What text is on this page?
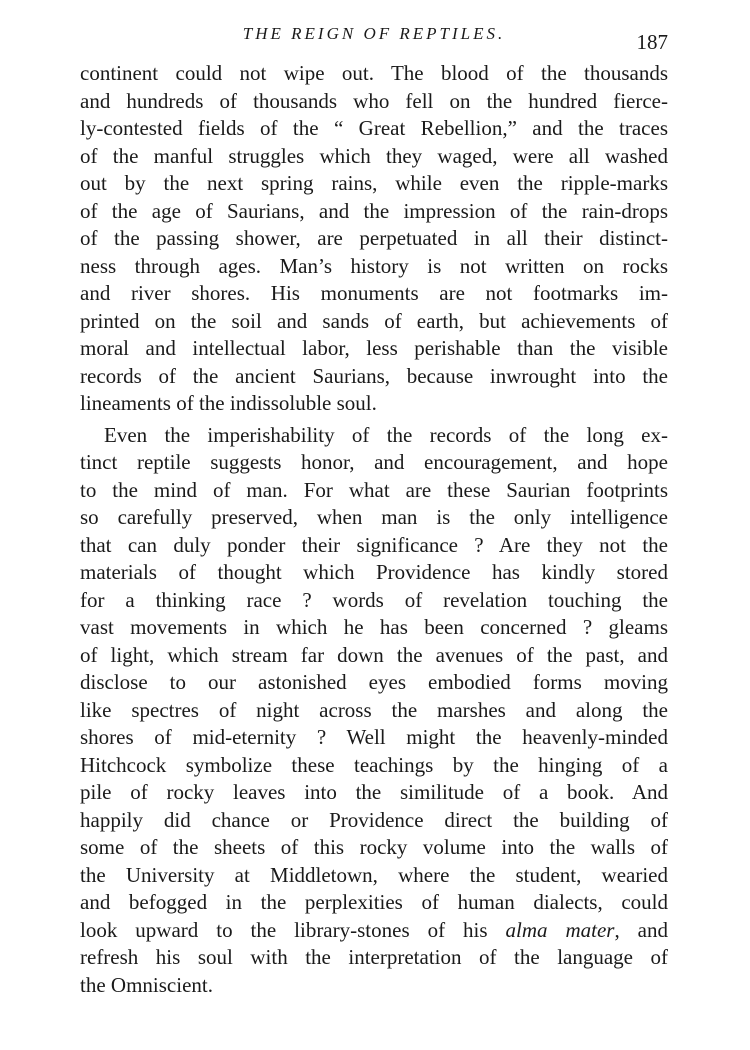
THE REIGN OF REPTILES.	187
continent could not wipe out. The blood of the thousands
and hundreds of thousands who fell on the hundred fierce-
ly-contested fields of the “ Great Rebellion,” and the traces
of the manful struggles which they waged, were all washed
out by the next spring rains, while even the ripple-marks
of the age of Saurians, and the impression of the rain-drops
of the passing shower, are perpetuated in all their distinct-
ness through ages. Man’s history is not written on rocks
and river shores. His monuments are not footmarks im-
printed on the soil and sands of earth, but achievements of
moral and intellectual labor, less perishable than the visible
records of the ancient Saurians, because inwrought into the
lineaments of the indissoluble soul.
Even the imperishability of the records of the long ex-
tinct reptile suggests honor, and encouragement, and hope
to the mind of man. For what are these Saurian footprints
so carefully preserved, when man is the only intelligence
that can duly ponder their significance ? Are they not the
materials of thought which Providence has kindly stored
for a thinking race ? words of revelation touching the
vast movements in which he has been concerned ? gleams
of light, which stream far down the avenues of the past, and
disclose to our astonished eyes embodied forms moving
like spectres of night across the marshes and along the
shores of mid-eternity ? Well might the heavenly-minded
Hitchcock symbolize these teachings by the hinging of a
pile of rocky leaves into the similitude of a book. And
happily did chance or Providence direct the building of
some of the sheets of this rocky volume into the walls of
the University at Middletown, where the student, wearied
and befogged in the perplexities of human dialects, could
look upward to the library-stones of his alma mater, and
refresh his soul with the interpretation of the language of
the Omniscient.
